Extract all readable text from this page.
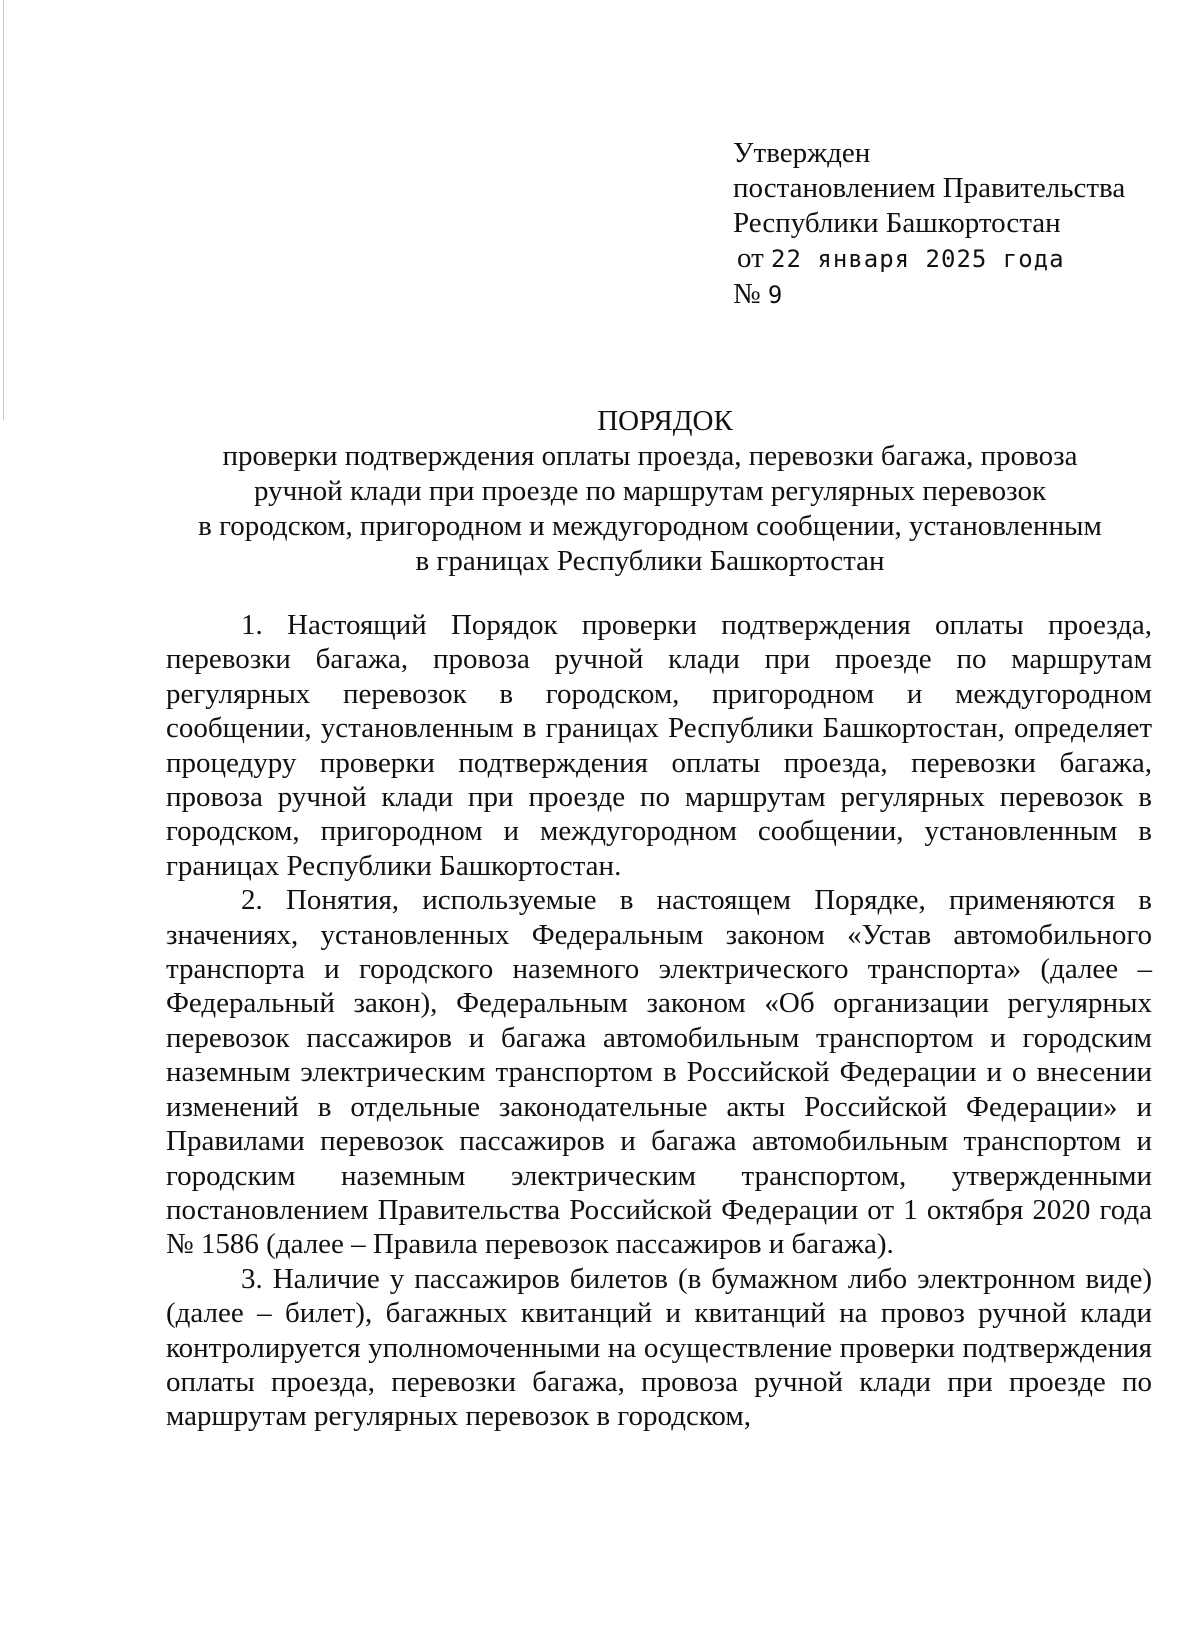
Утвержден
постановлением Правительства
Республики Башкортостан
от 22 января 2025 года
№ 9
ПОРЯДОК
проверки подтверждения оплаты проезда, перевозки багажа, провоза
ручной клади при проезде по маршрутам регулярных перевозок
в городском, пригородном и междугородном сообщении, установленным
в границах Республики Башкортостан

1. Настоящий Порядок проверки подтверждения оплаты проезда, перевозки багажа, провоза ручной клади при проезде по маршрутам регулярных перевозок в городском, пригородном и междугородном сообщении, установленным в границах Республики Башкортостан, определяет процедуру проверки подтверждения оплаты проезда, перевозки багажа, провоза ручной клади при проезде по маршрутам регулярных перевозок в городском, пригородном и междугородном сообщении, установленным в границах Республики Башкортостан.

2. Понятия, используемые в настоящем Порядке, применяются в значениях, установленных Федеральным законом «Устав автомобильного транспорта и городского наземного электрического транспорта» (далее – Федеральный закон), Федеральным законом «Об организации регулярных перевозок пассажиров и багажа автомобильным транспортом и городским наземным электрическим транспортом в Российской Федерации и о внесении изменений в отдельные законодательные акты Российской Федерации» и Правилами перевозок пассажиров и багажа автомобильным транспортом и городским наземным электрическим транспортом, утвержденными постановлением Правительства Российской Федерации от 1 октября 2020 года № 1586 (далее – Правила перевозок пассажиров и багажа).

3. Наличие у пассажиров билетов (в бумажном либо электронном виде) (далее – билет), багажных квитанций и квитанций на провоз ручной клади контролируется уполномоченными на осуществление проверки подтверждения оплаты проезда, перевозки багажа, провоза ручной клади при проезде по маршрутам регулярных перевозок в городском,
